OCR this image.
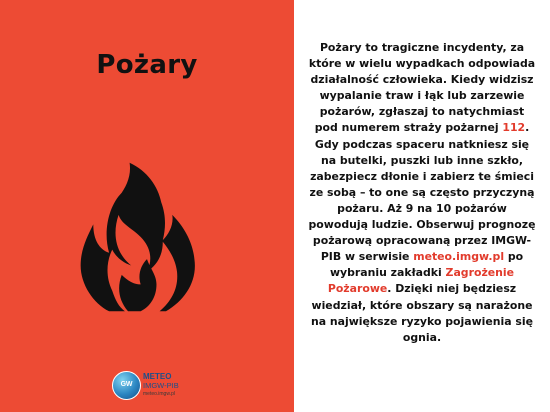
Pożary
GW
METEO
IMGW-PIB
meteo.imgw.pl
Pożary to tragiczne incydenty, za które w wielu wypadkach odpowiada działalność człowieka. Kiedy widzisz wypalanie traw i łąk lub zarzewie pożarów, zgłaszaj to natychmiast pod numerem straży pożarnej 112. Gdy podczas spaceru natkniesz się na butelki, puszki lub inne szkło, zabezpiecz dłonie i zabierz te śmieci ze sobą – to one są często przyczyną pożaru. Aż 9 na 10 pożarów powodują ludzie. Obserwuj prognozę pożarową opracowaną przez IMGW-PIB w serwisie meteo.imgw.pl po wybraniu zakładki Zagrożenie Pożarowe. Dzięki niej będziesz wiedział, które obszary są narażone na największe ryzyko pojawienia się ognia.
